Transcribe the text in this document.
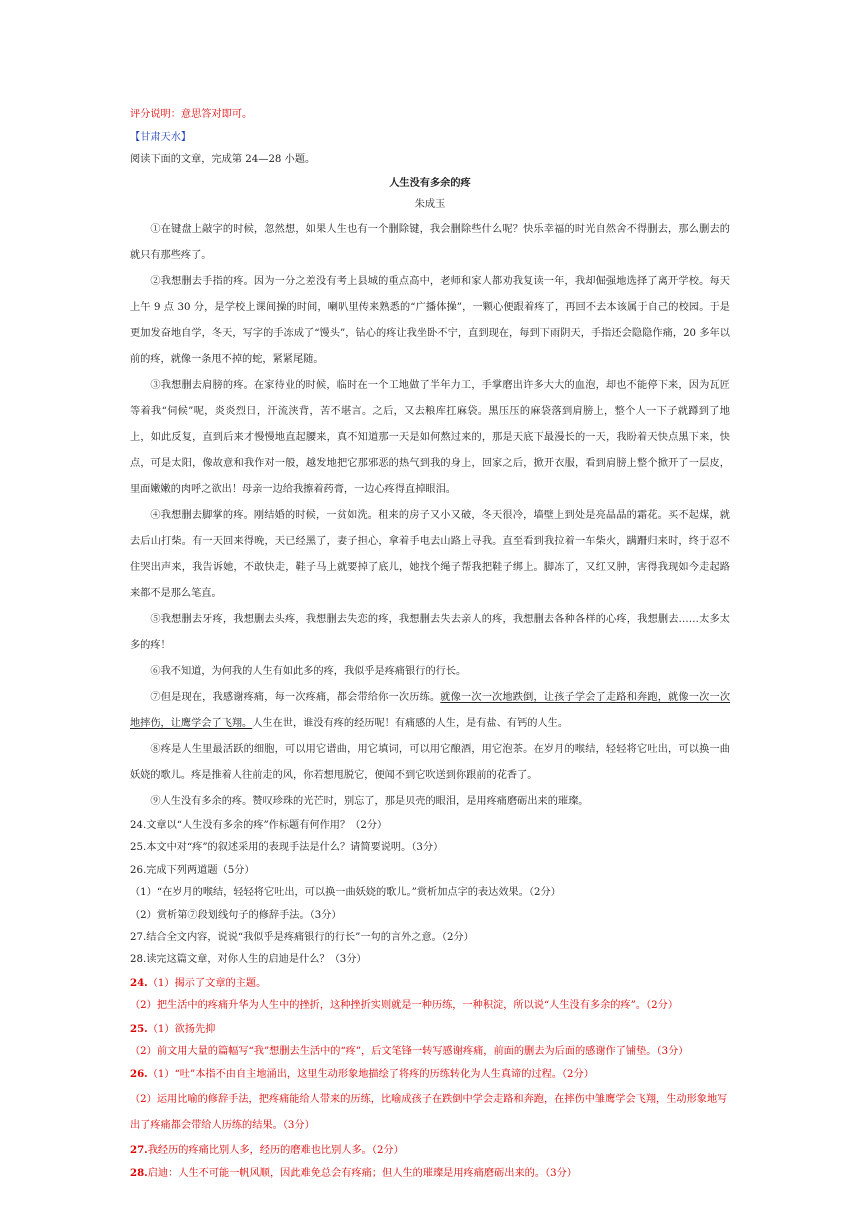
评分说明：意思答对即可。

【甘肃天水】

阅读下面的文章，完成第 24—28 小题。

人生没有多余的疼

朱成玉

①在键盘上敲字的时候，忽然想，如果人生也有一个删除键，我会删除些什么呢？快乐幸福的时光自然舍不得删去，那么删去的就只有那些疼了。

②我想删去手指的疼。因为一分之差没有考上县城的重点高中，老师和家人都劝我复读一年，我却倔强地选择了离开学校。每天上午 9 点 30 分，是学校上课间操的时间，喇叭里传来熟悉的“广播体操”，一颗心便跟着疼了，再回不去本该属于自己的校园。于是更加发奋地自学，冬天，写字的手冻成了“馒头”，钻心的疼让我坐卧不宁，直到现在，每到下雨阴天，手指还会隐隐作痛，20 多年以前的疼，就像一条甩不掉的蛇，紧紧尾随。

③我想删去肩膀的疼。在家待业的时候，临时在一个工地做了半年力工，手掌磨出许多大大的血泡，却也不能停下来，因为瓦匠等着我“伺候”呢，炎炎烈日，汗流浃背，苦不堪言。之后，又去粮库扛麻袋。黑压压的麻袋落到肩膀上，整个人一下子就蹲到了地上，如此反复，直到后来才慢慢地直起腰来，真不知道那一天是如何熬过来的，那是天底下最漫长的一天，我盼着天快点黑下来，快点，可是太阳，像故意和我作对一般，越发地把它那邪恶的热气到我的身上，回家之后，掀开衣服，看到肩膀上整个掀开了一层皮，里面嫩嫩的肉呼之欲出！母亲一边给我擦着药膏，一边心疼得直掉眼泪。

④我想删去脚掌的疼。刚结婚的时候，一贫如洗。租来的房子又小又破，冬天很冷，墙壁上到处是亮晶晶的霜花。买不起煤，就去后山打柴。有一天回来得晚，天已经黑了，妻子担心，拿着手电去山路上寻我。直至看到我拉着一车柴火，蹒跚归来时，终于忍不住哭出声来，我告诉她，不敢快走，鞋子马上就要掉了底儿，她找个绳子帮我把鞋子绑上。脚冻了，又红又肿，害得我现如今走起路来都不是那么笔直。

⑤我想删去牙疼，我想删去头疼，我想删去失恋的疼，我想删去失去亲人的疼，我想删去各种各样的心疼，我想删去……太多太多的疼！

⑥我不知道，为何我的人生有如此多的疼，我似乎是疼痛银行的行长。

⑦但是现在，我感谢疼痛，每一次疼痛，都会带给你一次历练。就像一次一次地跌倒，让孩子学会了走路和奔跑，就像一次一次地摔伤，让鹰学会了飞翔。人生在世，谁没有疼的经历呢！有痛感的人生，是有盐、有钙的人生。

⑧疼是人生里最活跃的细胞，可以用它谱曲，用它填词，可以用它酿酒，用它泡茶。在岁月的喉结，轻轻将它吐出，可以换一曲妖娆的歌儿。疼是推着人往前走的风，你若想甩脱它，便闻不到它吹送到你跟前的花香了。

⑨人生没有多余的疼。赞叹珍珠的光芒时，别忘了，那是贝壳的眼泪，是用疼痛磨砺出来的璀璨。

24.文章以“人生没有多余的疼”作标题有何作用？（2分）

25.本文中对“疼”的叙述采用的表现手法是什么？请简要说明。（3分）

26.完成下列两道题（5分）

（1）“在岁月的喉结，轻轻将它吐出，可以换一曲妖娆的歌儿。”赏析加点字的表达效果。（2分）

（2）赏析第⑦段划线句子的修辞手法。（3分）

27.结合全文内容，说说“我似乎是疼痛银行的行长”一句的言外之意。（2分）

28.读完这篇文章，对你人生的启迪是什么？（3分）

24.（1）揭示了文章的主题。

（2）把生活中的疼痛升华为人生中的挫折，这种挫折实则就是一种历练，一种积淀，所以说“人生没有多余的疼”。（2分）

25.（1）欲扬先抑

（2）前文用大量的篇幅写“我”想删去生活中的“疼”，后文笔锋一转写感谢疼痛，前面的删去为后面的感谢作了铺垫。（3分）

26.（1）“吐”本指不由自主地涌出，这里生动形象地描绘了将疼的历练转化为人生真谛的过程。（2分）

（2）运用比喻的修辞手法，把疼痛能给人带来的历练，比喻成孩子在跌倒中学会走路和奔跑，在摔伤中雏鹰学会飞翔，生动形象地写出了疼痛都会带给人历练的结果。（3分）

27.我经历的疼痛比别人多，经历的磨难也比别人多。（2分）

28.启迪：人生不可能一帆风顺，因此难免总会有疼痛；但人生的璀璨是用疼痛磨砺出来的。（3分）
